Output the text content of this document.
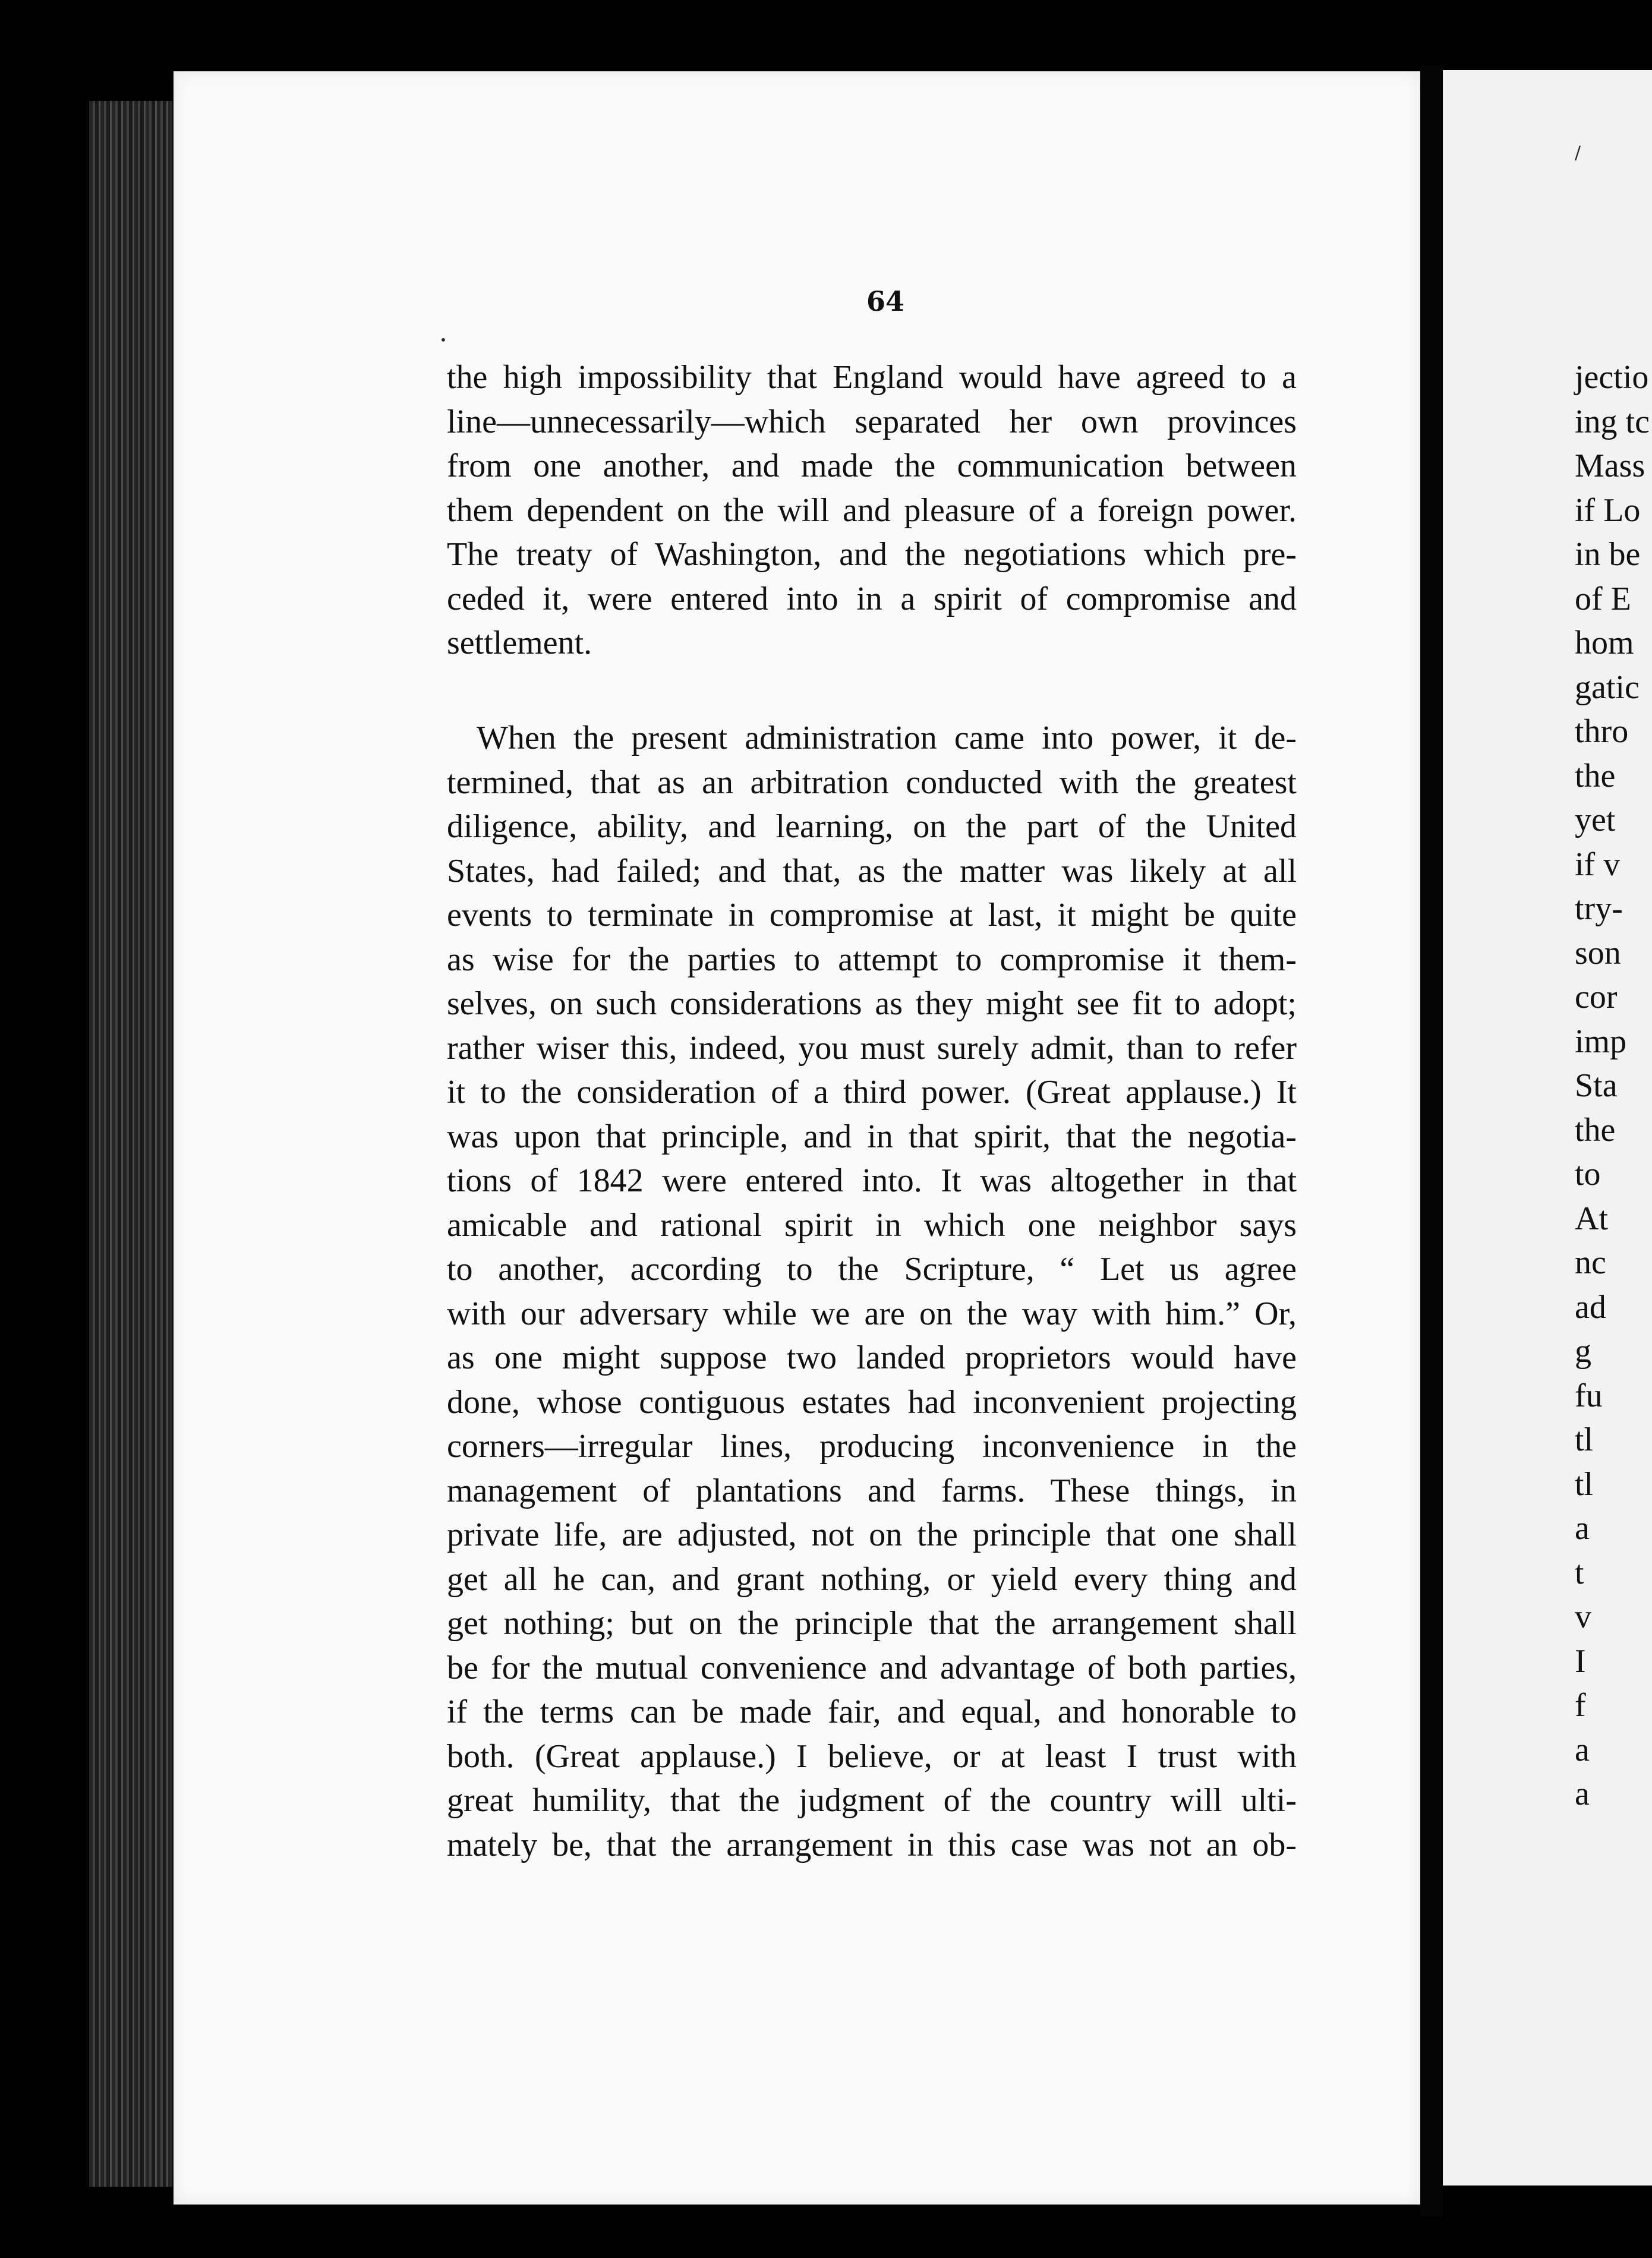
64
the high impossibility that England would have agreed to a
line—unnecessarily—which separated her own provinces
from one another, and made the communication between
them dependent on the will and pleasure of a foreign power.
The treaty of Washington, and the negotiations which pre-
ceded it, were entered into in a spirit of compromise and
settlement.
When the present administration came into power, it de-
termined, that as an arbitration conducted with the greatest
diligence, ability, and learning, on the part of the United
States, had failed; and that, as the matter was likely at all
events to terminate in compromise at last, it might be quite
as wise for the parties to attempt to compromise it them-
selves, on such considerations as they might see fit to adopt;
rather wiser this, indeed, you must surely admit, than to refer
it to the consideration of a third power. (Great applause.) It
was upon that principle, and in that spirit, that the negotia-
tions of 1842 were entered into. It was altogether in that
amicable and rational spirit in which one neighbor says
to another, according to the Scripture, “ Let us agree
with our adversary while we are on the way with him.” Or,
as one might suppose two landed proprietors would have
done, whose contiguous estates had inconvenient projecting
corners—irregular lines, producing inconvenience in the
management of plantations and farms. These things, in
private life, are adjusted, not on the principle that one shall
get all he can, and grant nothing, or yield every thing and
get nothing; but on the principle that the arrangement shall
be for the mutual convenience and advantage of both parties,
if the terms can be made fair, and equal, and honorable to
both. (Great applause.) I believe, or at least I trust with
great humility, that the judgment of the country will ulti-
mately be, that the arrangement in this case was not an ob-
jectio
ing tc
Mass
if Lo
in be
of E
hom
gatic
thro
the
yet
if v
try-
son
cor
imp
Sta
the
to
At
nc
ad
g
fu
tl
tl
a
t
v
I
f
a
a
•
/
